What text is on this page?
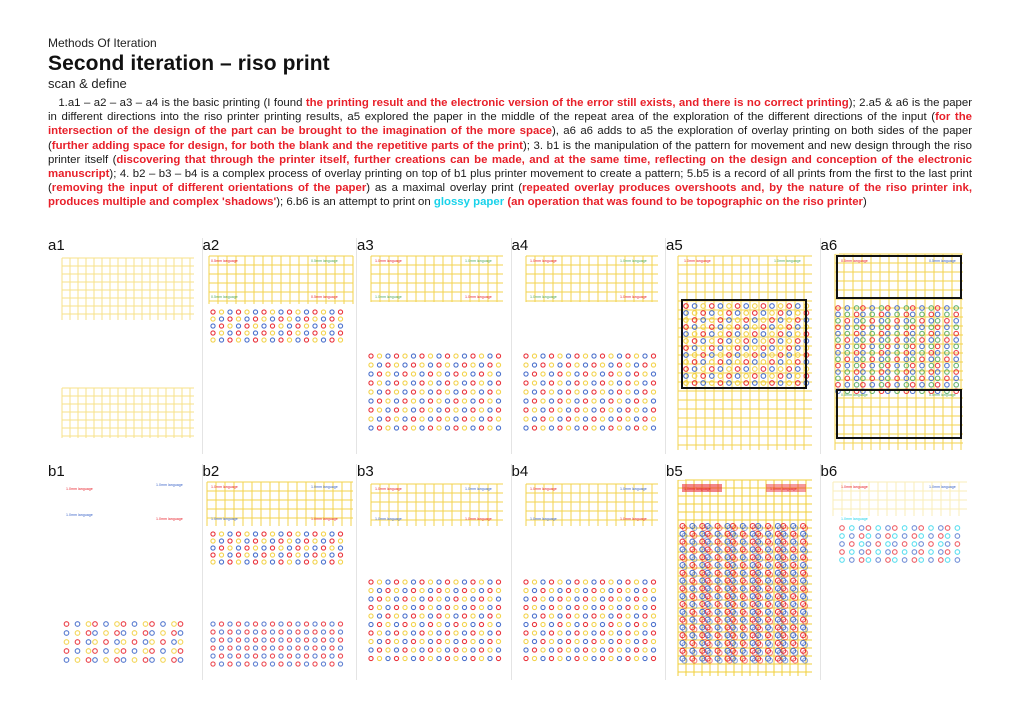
Methods Of Iteration
Second iteration – riso print
scan & define
1.a1 – a2 – a3 – a4 is the basic printing (I found the printing result and the electronic version of the error still exists, and there is no correct printing); 2.a5 & a6 is the paper in different directions into the riso printer printing results, a5 explored the paper in the middle of the repeat area of the exploration of the different directions of the input (for the intersection of the design of the part can be brought to the imagination of the more space), a6 a6 adds to a5 the exploration of overlay printing on both sides of the paper (further adding space for design, for both the blank and the repetitive parts of the print); 3. b1 is the manipulation of the pattern for movement and new design through the riso printer itself (discovering that through the printer itself, further creations can be made, and at the same time, reflecting on the design and conception of the electronic manuscript); 4. b2 – b3 – b4 is a complex process of overlay printing on top of b1 plus printer movement to create a pattern; 5.b5 is a record of all prints from the first to the last print (removing the input of different orientations of the paper) as a maximal overlay print (repeated overlay produces overshoots and, by the nature of the riso printer ink, produces multiple and complex 'shadows'); 6.b6 is an attempt to print on glossy paper (an operation that was found to be topographic on the riso printer)
a1
0.5mm language	0.5mm language
0.5mm language	0.5mm language
a2
1.0mm language	1.0mm language
1.0mm language	1.0mm language
a3
1.0mm language	1.0mm language
1.0mm language	1.0mm language
a4
1.0mm language	1.0mm language
a5
0.5mm language	0.5mm language
0.5mm language	0.5mm language
a6
1.0mm language
1.0mm language
1.0mm language
1.0mm language
b1
1.0mm language	1.0mm language
1.0mm language	1.0mm language
b2
1.0mm language	1.0mm language
1.0mm language	1.0mm language
b3
1.0mm language	1.0mm language
1.0mm language	1.0mm language
b4
1.0mm language	1.0mm language
b5
1.0mm language	1.0mm language
1.0mm language
b6
